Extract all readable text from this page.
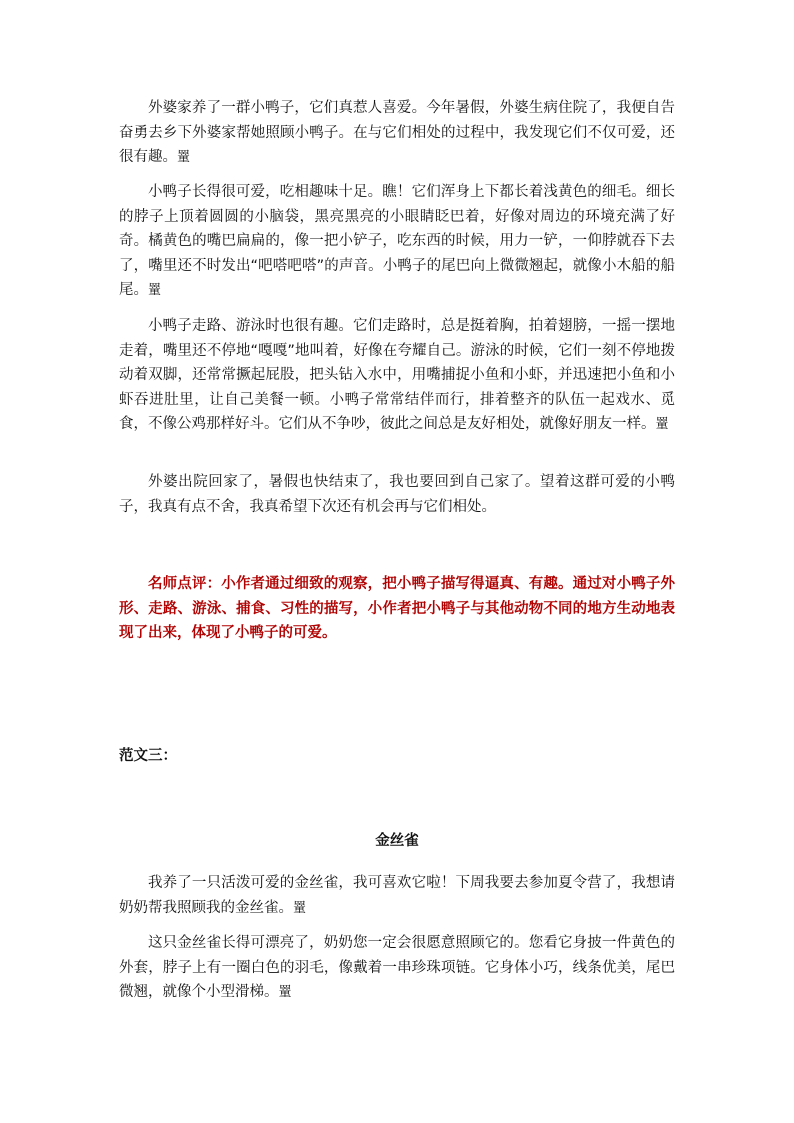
外婆家养了一群小鸭子，它们真惹人喜爱。今年暑假，外婆生病住院了，我便自告奋勇去乡下外婆家帮她照顾小鸭子。在与它们相处的过程中，我发现它们不仅可爱，还很有趣。罿

小鸭子长得很可爱，吃相趣味十足。瞧！它们浑身上下都长着浅黄色的细毛。细长的脖子上顶着圆圆的小脑袋，黑亮黑亮的小眼睛眨巴着，好像对周边的环境充满了好奇。橘黄色的嘴巴扁扁的，像一把小铲子，吃东西的时候，用力一铲，一仰脖就吞下去了，嘴里还不时发出“吧嗒吧嗒”的声音。小鸭子的尾巴向上微微翘起，就像小木船的船尾。罿

小鸭子走路、游泳时也很有趣。它们走路时，总是挺着胸，拍着翅膀，一摇一摆地走着，嘴里还不停地“嘎嘎”地叫着，好像在夸耀自己。游泳的时候，它们一刻不停地拨动着双脚，还常常撅起屁股，把头钻入水中，用嘴捕捉小鱼和小虾，并迅速把小鱼和小虾吞进肚里，让自己美餐一顿。小鸭子常常结伴而行，排着整齐的队伍一起戏水、觅食，不像公鸡那样好斗。它们从不争吵，彼此之间总是友好相处，就像好朋友一样。罿

外婆出院回家了，暑假也快结束了，我也要回到自己家了。望着这群可爱的小鸭子，我真有点不舍，我真希望下次还有机会再与它们相处。

名师点评：小作者通过细致的观察，把小鸭子描写得逼真、有趣。通过对小鸭子外形、走路、游泳、捕食、习性的描写，小作者把小鸭子与其他动物不同的地方生动地表现了出来，体现了小鸭子的可爱。

范文三：

金丝雀

我养了一只活泼可爱的金丝雀，我可喜欢它啦！下周我要去参加夏令营了，我想请奶奶帮我照顾我的金丝雀。罿

这只金丝雀长得可漂亮了，奶奶您一定会很愿意照顾它的。您看它身披一件黄色的外套，脖子上有一圈白色的羽毛，像戴着一串珍珠项链。它身体小巧，线条优美，尾巴微翘，就像个小型滑梯。罿
